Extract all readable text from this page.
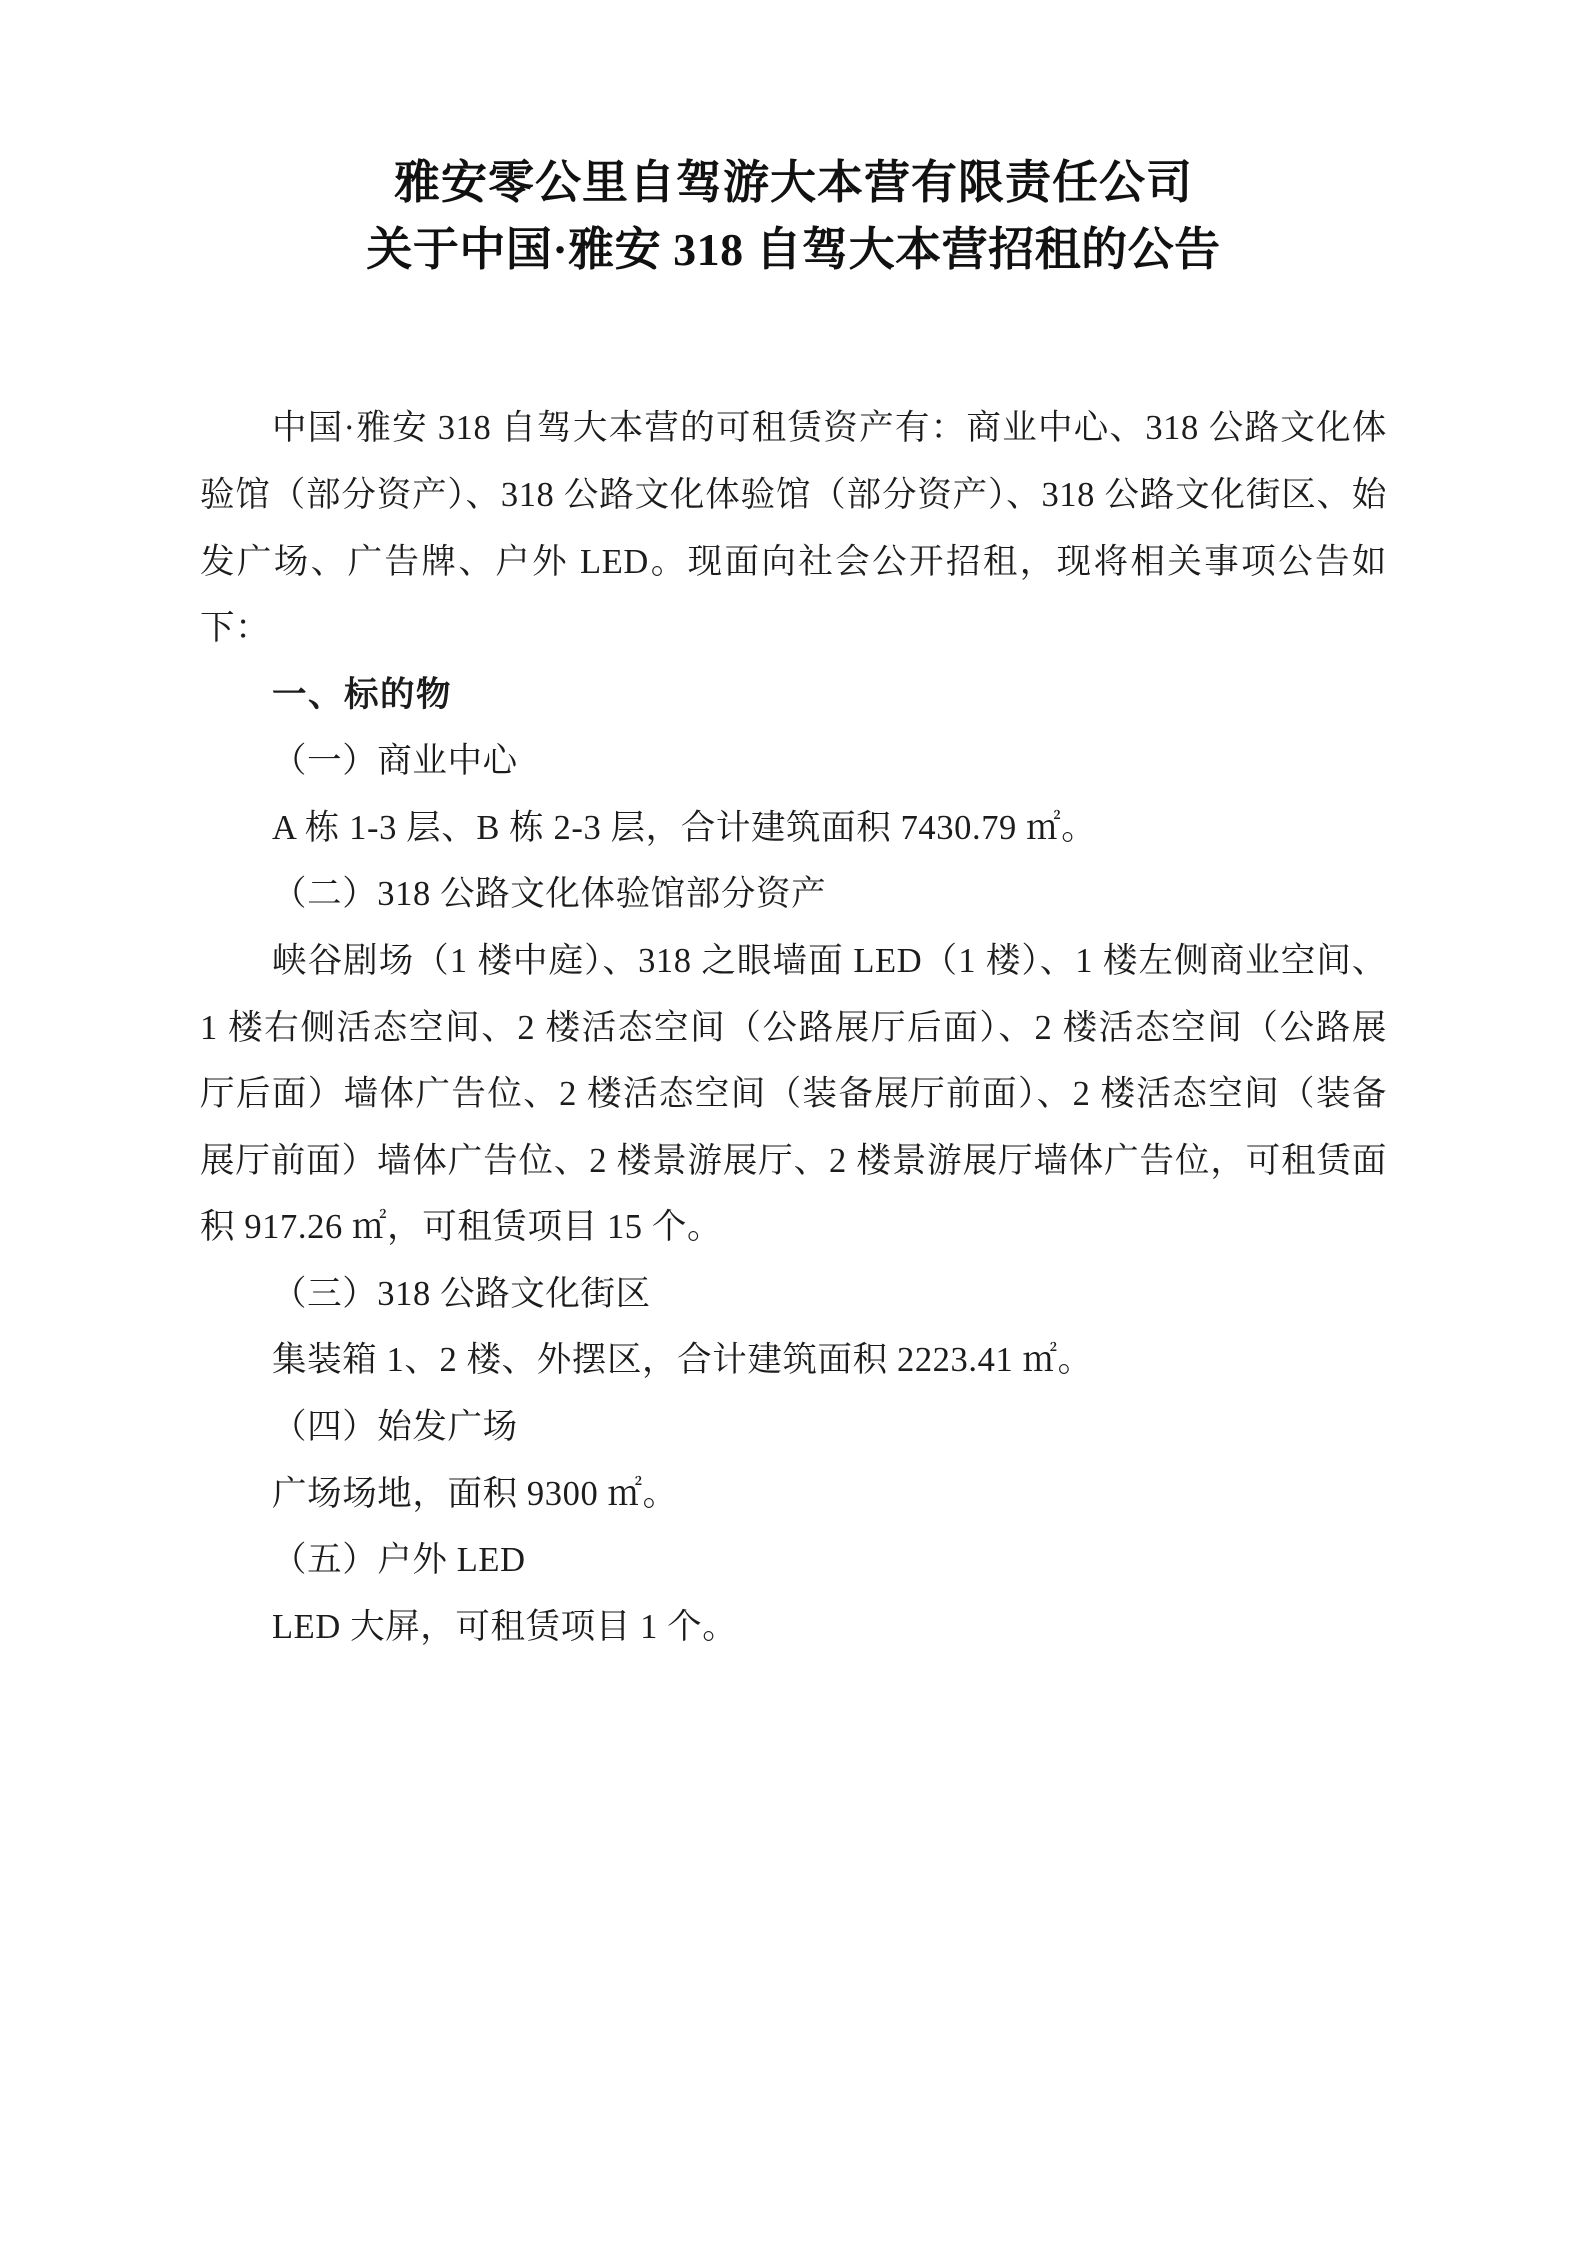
雅安零公里自驾游大本营有限责任公司
关于中国·雅安 318 自驾大本营招租的公告

中国·雅安 318 自驾大本营的可租赁资产有：商业中心、318 公路文化体验馆（部分资产）、318 公路文化体验馆（部分资产）、318 公路文化街区、始发广场、广告牌、户外 LED。现面向社会公开招租，现将相关事项公告如下：

一、标的物

（一）商业中心

A 栋 1-3 层、B 栋 2-3 层，合计建筑面积 7430.79 ㎡。

（二）318 公路文化体验馆部分资产

峡谷剧场（1 楼中庭）、318 之眼墙面 LED（1 楼）、1 楼左侧商业空间、1 楼右侧活态空间、2 楼活态空间（公路展厅后面）、2 楼活态空间（公路展厅后面）墙体广告位、2 楼活态空间（装备展厅前面）、2 楼活态空间（装备展厅前面）墙体广告位、2 楼景游展厅、2 楼景游展厅墙体广告位，可租赁面积 917.26 ㎡，可租赁项目 15 个。

（三）318 公路文化街区

集装箱 1、2 楼、外摆区，合计建筑面积 2223.41 ㎡。

（四）始发广场

广场场地，面积 9300 ㎡。

（五）户外 LED

LED 大屏，可租赁项目 1 个。
